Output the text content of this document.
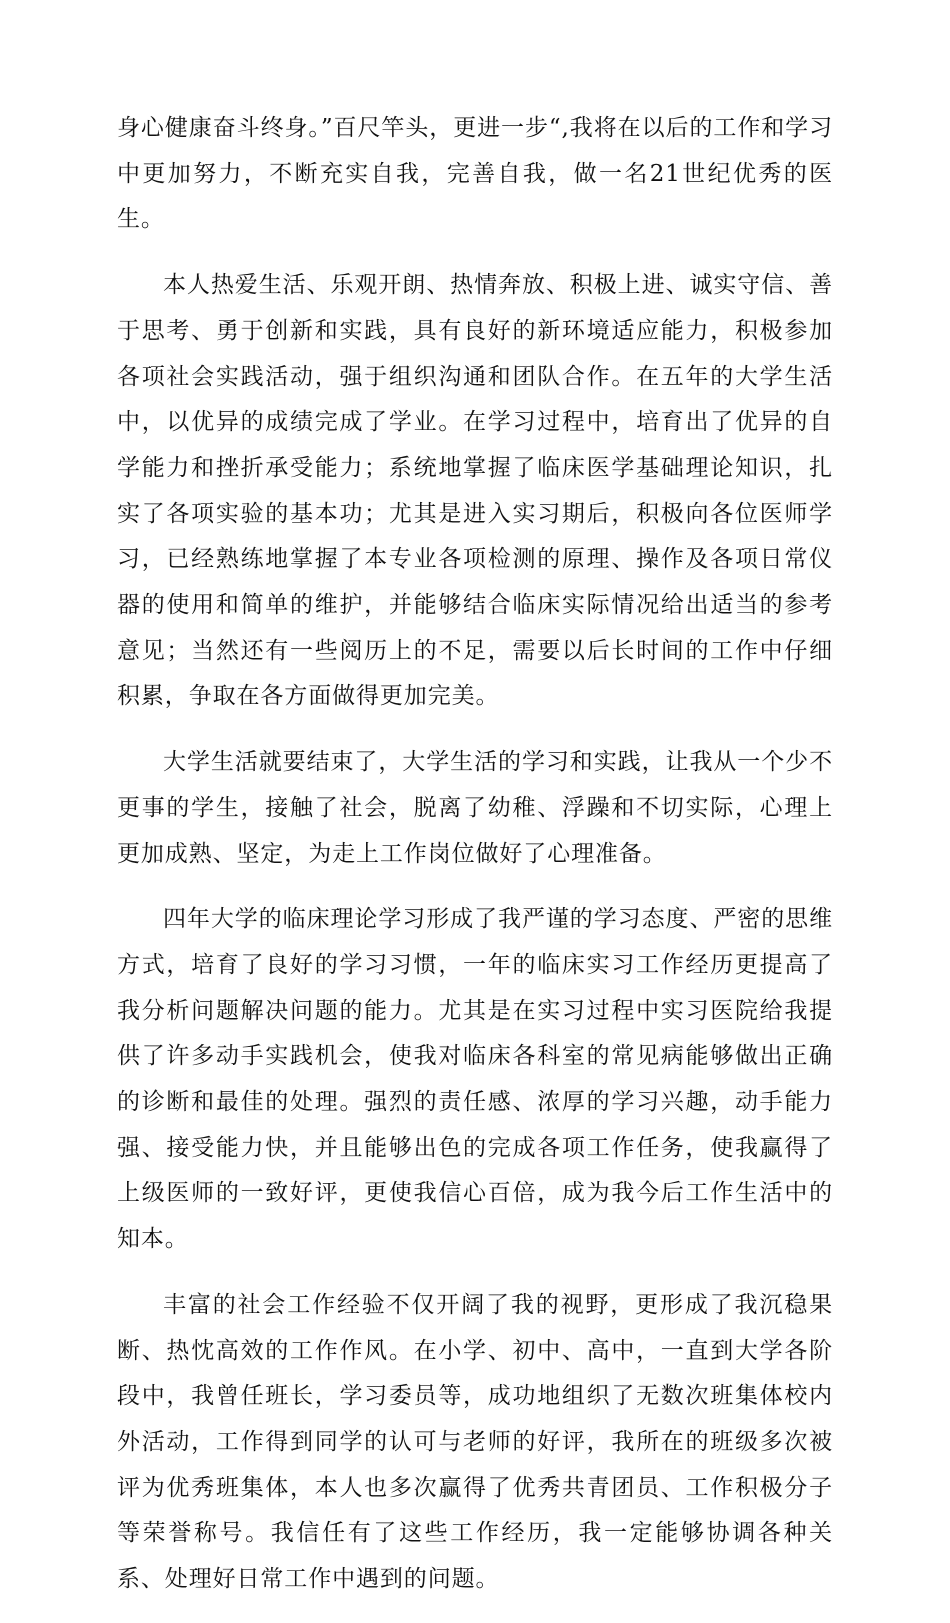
身心健康奋斗终身。”百尺竿头，更进一步“,我将在以后的工作和学习中更加努力，不断充实自我，完善自我，做一名21世纪优秀的医生。

本人热爱生活、乐观开朗、热情奔放、积极上进、诚实守信、善于思考、勇于创新和实践，具有良好的新环境适应能力，积极参加各项社会实践活动，强于组织沟通和团队合作。在五年的大学生活中，以优异的成绩完成了学业。在学习过程中，培育出了优异的自学能力和挫折承受能力；系统地掌握了临床医学基础理论知识，扎实了各项实验的基本功；尤其是进入实习期后，积极向各位医师学习，已经熟练地掌握了本专业各项检测的原理、操作及各项日常仪器的使用和简单的维护，并能够结合临床实际情况给出适当的参考意见；当然还有一些阅历上的不足，需要以后长时间的工作中仔细积累，争取在各方面做得更加完美。

大学生活就要结束了，大学生活的学习和实践，让我从一个少不更事的学生，接触了社会，脱离了幼稚、浮躁和不切实际，心理上更加成熟、坚定，为走上工作岗位做好了心理准备。

四年大学的临床理论学习形成了我严谨的学习态度、严密的思维方式，培育了良好的学习习惯，一年的临床实习工作经历更提高了我分析问题解决问题的能力。尤其是在实习过程中实习医院给我提供了许多动手实践机会，使我对临床各科室的常见病能够做出正确的诊断和最佳的处理。强烈的责任感、浓厚的学习兴趣，动手能力强、接受能力快，并且能够出色的完成各项工作任务，使我赢得了上级医师的一致好评，更使我信心百倍，成为我今后工作生活中的知本。

丰富的社会工作经验不仅开阔了我的视野，更形成了我沉稳果断、热忱高效的工作作风。在小学、初中、高中，一直到大学各阶段中，我曾任班长，学习委员等，成功地组织了无数次班集体校内外活动，工作得到同学的认可与老师的好评，我所在的班级多次被评为优秀班集体，本人也多次赢得了优秀共青团员、工作积极分子等荣誉称号。我信任有了这些工作经历，我一定能够协调各种关系、处理好日常工作中遇到的问题。
